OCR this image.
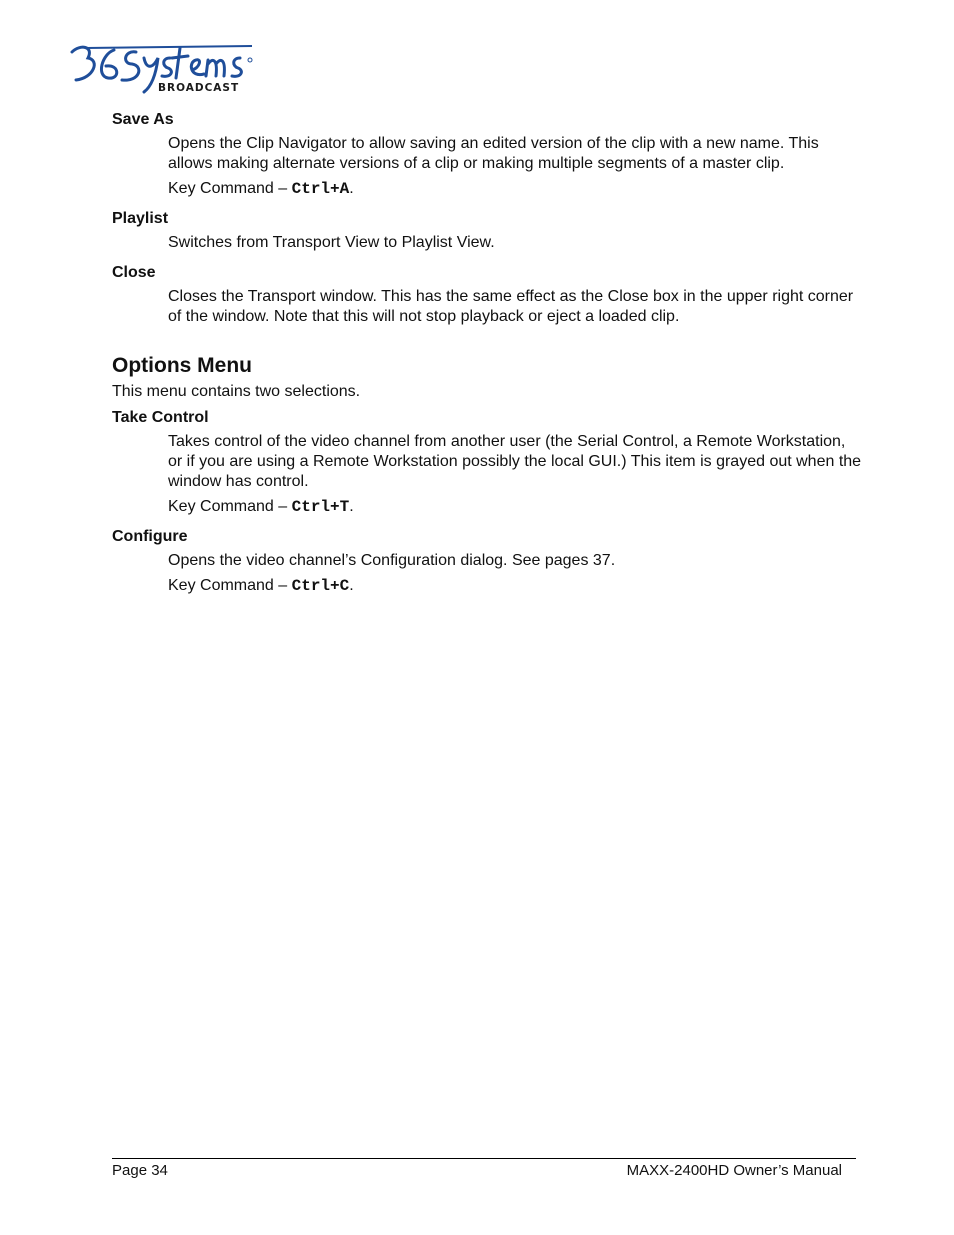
BROADCAST

Save As

Opens the Clip Navigator to allow saving an edited version of the clip with a new name. This allows making alternate versions of a clip or making multiple segments of a master clip.

Key Command – Ctrl+A.

Playlist

Switches from Transport View to Playlist View.

Close

Closes the Transport window. This has the same effect as the Close box in the upper right corner of the window. Note that this will not stop playback or eject a loaded clip.

Options Menu

This menu contains two selections.

Take Control

Takes control of the video channel from another user (the Serial Control, a Remote Workstation, or if you are using a Remote Workstation possibly the local GUI.) This item is grayed out when the window has control.

Key Command – Ctrl+T.

Configure

Opens the video channel’s Configuration dialog. See pages 37.

Key Command – Ctrl+C.

Page 34	MAXX-2400HD Owner’s Manual
